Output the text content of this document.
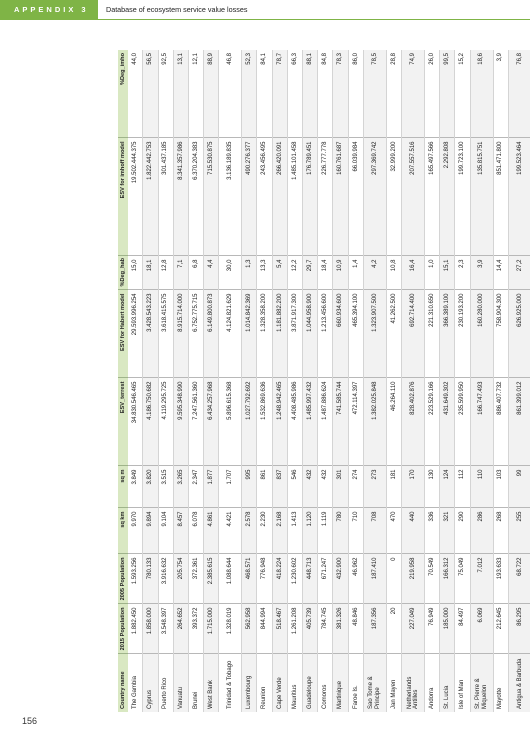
APPENDIX 3	Database of ecosystem service value losses
Country name	2015 Population	2005 Population	sq km	sq m	ESV_terrest	ESV for Habert model	%Deg_hab	ESV for imhoff model	%Deg_imho
The Gambia	1.882.450	1.593.256	9.970	3.849	34.830.546.465	29.593.996.254	15,0	19.502.444.375	44,0
Cyprus	1.858.000	780.133	9.894	3.820	4.186.750.682	3.428.543.223	18,1	1.822.442.753	56,5
Puerto Rico	3.548.397	3.916.632	9.104	3.515	4.119.295.725	3.618.415.575	12,8	301.437.185	92,5
Vanuatu	264.652	205.754	8.457	3.265	9.595.348.990	8.915.714.000	7,1	8.341.357.986	13,1
Brunei	393.372	372.361	6.078	2.347	7.247.561.360	6.752.775.715	6,8	6.370.204.383	12,1
West Bank	1.715.000	2.385.615	4.861	1.877	6.434.257.968	6.149.800.873	4,4	715.530.875	88,9
Trinidad & Tobago	1.328.019	1.088.644	4.421	1.707	5.896.615.368	4.124.821.629	30,0	3.136.189.835	46,8
Luxembourg	562.958	468.571	2.578	995	1.027.792.692	1.014.842.369	1,3	490.276.377	52,3
Reunion	844.994	776.948	2.230	861	1.532.869.636	1.328.358.200	13,3	243.456.495	84,1
Cape Verde	518.467	418.224	2.168	837	1.248.942.465	1.181.882.200	5,4	266.420.091	78,7
Mauritius	1.261.208	1.230.602	1.413	546	4.408.485.986	3.871.917.300	12,2	1.485.101.458	66,3
Guadeloupe	405.739	448.713	1.120	432	1.485.997.432	1.044.958.900	29,7	176.789.451	88,1
Comoros	784.745	671.247	1.119	432	1.487.886.624	1.213.456.600	18,4	226.777.778	84,8
Martinique	381.326	432.900	780	301	741.585.744	660.934.600	10,9	160.761.687	78,3
Faroe Is.	48.846	46.962	710	274	472.114.397	465.394.100	1,4	66.039.984	86,0
Sao Tome & Principe	187.356	187.410	708	273	1.382.025.848	1.323.907.500	4,2	297.369.742	78,5
Jan Mayen	20	0	470	181	46.264.110	41.262.500	10,8	32.999.200	28,8
Netherlands Antilles	227.049	219.958	440	170	828.402.876	692.714.400	16,4	207.557.516	74,9
Andorra	76.949	70.549	336	130	223.529.166	221.310.650	1,0	165.497.566	26,0
St. Lucia	185.000	166.312	321	124	431.649.302	366.389.100	15,1	2.292.808	99,5
Isle of Man	84.497	75.049	290	112	235.599.950	230.193.200	2,3	199.723.100	15,2
St. Pierre & Miquelon	6.069	7.012	286	110	166.747.493	160.280.000	3,9	135.815.751	18,6
Mayotte	212.645	193.633	268	103	886.407.732	758.904.300	14,4	851.471.800	3,9
Antigua & Barbuda	86.295	68.722	255	99	861.399.012	626.925.000	27,2	199.523.464	76,8
156
